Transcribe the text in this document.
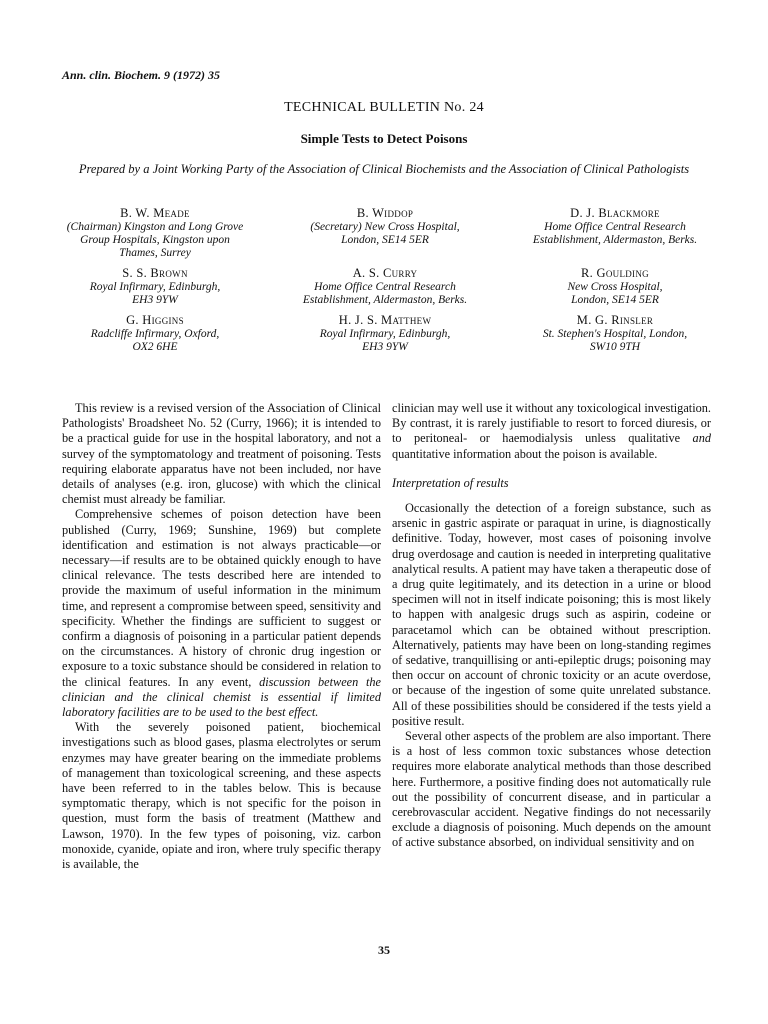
Ann. clin. Biochem. 9 (1972) 35
TECHNICAL BULLETIN No. 24
Simple Tests to Detect Poisons
Prepared by a Joint Working Party of the Association of Clinical Biochemists and the Association of Clinical Pathologists
B. W. Meade
(Chairman) Kingston and Long Grove
Group Hospitals, Kingston upon
Thames, Surrey
B. Widdop
(Secretary) New Cross Hospital,
London, SE14 5ER
D. J. Blackmore
Home Office Central Research
Establishment, Aldermaston, Berks.
S. S. Brown
Royal Infirmary, Edinburgh,
EH3 9YW
A. S. Curry
Home Office Central Research
Establishment, Aldermaston, Berks.
R. Goulding
New Cross Hospital,
London, SE14 5ER
G. Higgins
Radcliffe Infirmary, Oxford,
OX2 6HE
H. J. S. Matthew
Royal Infirmary, Edinburgh,
EH3 9YW
M. G. Rinsler
St. Stephen's Hospital, London,
SW10 9TH

This review is a revised version of the Association of Clinical Pathologists' Broadsheet No. 52 (Curry, 1966); it is intended to be a practical guide for use in the hospital laboratory, and not a survey of the symptomatology and treatment of poisoning. Tests requiring elaborate apparatus have not been included, nor have details of analyses (e.g. iron, glucose) with which the clinical chemist must already be familiar.

Comprehensive schemes of poison detection have been published (Curry, 1969; Sunshine, 1969) but complete identification and estimation is not always practicable—or necessary—if results are to be obtained quickly enough to have clinical relevance. The tests described here are intended to provide the maximum of useful information in the minimum time, and represent a compromise between speed, sensitivity and specificity. Whether the findings are sufficient to suggest or confirm a diagnosis of poisoning in a particular patient depends on the circumstances. A history of chronic drug ingestion or exposure to a toxic substance should be considered in relation to the clinical features. In any event, discussion between the clinician and the clinical chemist is essential if limited laboratory facilities are to be used to the best effect.

With the severely poisoned patient, biochemical investigations such as blood gases, plasma electrolytes or serum enzymes may have greater bearing on the immediate problems of management than toxicological screening, and these aspects have been referred to in the tables below. This is because symptomatic therapy, which is not specific for the poison in question, must form the basis of treatment (Matthew and Lawson, 1970). In the few types of poisoning, viz. carbon monoxide, cyanide, opiate and iron, where truly specific therapy is available, the

clinician may well use it without any toxicological investigation. By contrast, it is rarely justifiable to resort to forced diuresis, or to peritoneal- or haemodialysis unless qualitative and quantitative information about the poison is available.

Interpretation of results

Occasionally the detection of a foreign substance, such as arsenic in gastric aspirate or paraquat in urine, is diagnostically definitive. Today, however, most cases of poisoning involve drug overdosage and caution is needed in interpreting qualitative analytical results. A patient may have taken a therapeutic dose of a drug quite legitimately, and its detection in a urine or blood specimen will not in itself indicate poisoning; this is most likely to happen with analgesic drugs such as aspirin, codeine or paracetamol which can be obtained without prescription. Alternatively, patients may have been on long-standing regimes of sedative, tranquillising or anti-epileptic drugs; poisoning may then occur on account of chronic toxicity or an acute overdose, or because of the ingestion of some quite unrelated substance. All of these possibilities should be considered if the tests yield a positive result.

Several other aspects of the problem are also important. There is a host of less common toxic substances whose detection requires more elaborate analytical methods than those described here. Furthermore, a positive finding does not automatically rule out the possibility of concurrent disease, and in particular a cerebrovascular accident. Negative findings do not necessarily exclude a diagnosis of poisoning. Much depends on the amount of active substance absorbed, on individual sensitivity and on

35
